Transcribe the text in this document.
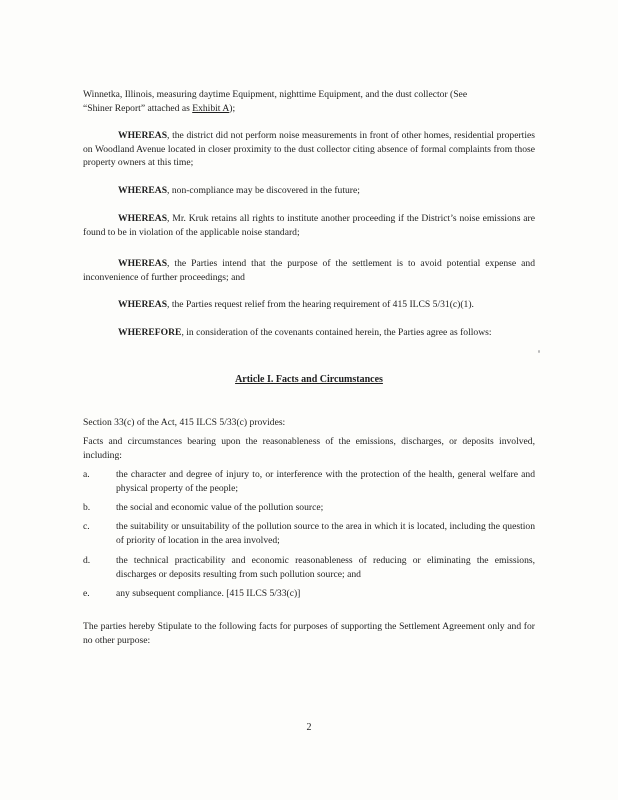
Winnetka, Illinois, measuring daytime Equipment, nighttime Equipment, and the dust collector (See
“Shiner Report” attached as Exhibit A);

WHEREAS, the district did not perform noise measurements in front of other homes, residential properties on Woodland Avenue located in closer proximity to the dust collector citing absence of formal complaints from those property owners at this time;

WHEREAS, non-compliance may be discovered in the future;

WHEREAS, Mr. Kruk retains all rights to institute another proceeding if the District’s noise emissions are found to be in violation of the applicable noise standard;

WHEREAS, the Parties intend that the purpose of the settlement is to avoid potential expense and inconvenience of further proceedings; and

WHEREAS, the Parties request relief from the hearing requirement of 415 ILCS 5/31(c)(1).

WHEREFORE, in consideration of the covenants contained herein, the Parties agree as follows:

Article I. Facts and Circumstances

Section 33(c) of the Act, 415 ILCS 5/33(c) provides:

Facts and circumstances bearing upon the reasonableness of the emissions, discharges, or deposits involved, including:

a.	the character and degree of injury to, or interference with the protection of the health, general welfare and physical property of the people;

b.	the social and economic value of the pollution source;

c.	the suitability or unsuitability of the pollution source to the area in which it is located, including the question of priority of location in the area involved;

d.	the technical practicability and economic reasonableness of reducing or eliminating the emissions, discharges or deposits resulting from such pollution source; and

e.	any subsequent compliance. [415 ILCS 5/33(c)]

The parties hereby Stipulate to the following facts for purposes of supporting the Settlement Agreement only and for no other purpose:

2
